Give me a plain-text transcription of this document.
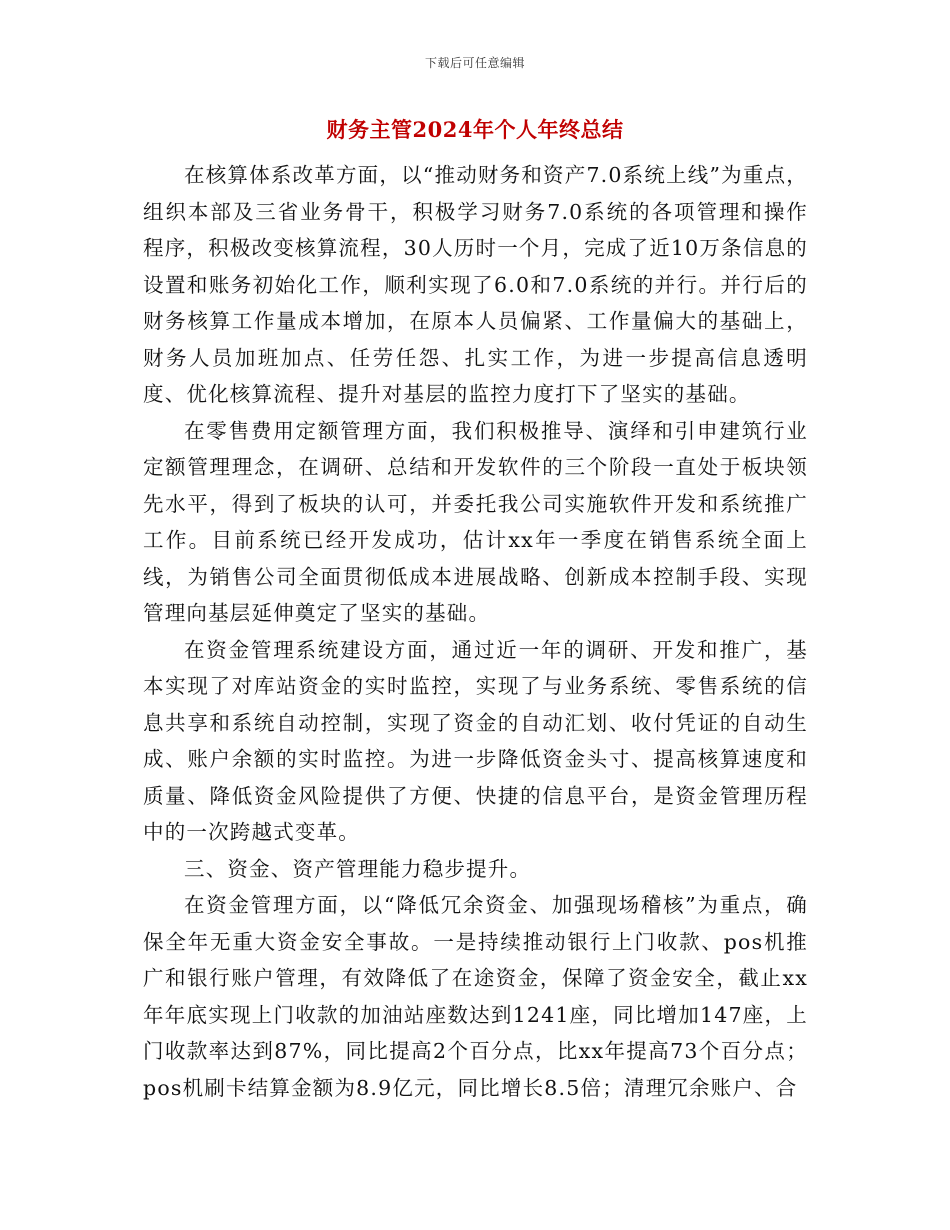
下载后可任意编辑
财务主管2024年个人年终总结

在核算体系改革方面，以“推动财务和资产7.0系统上线”为重点，组织本部及三省业务骨干，积极学习财务7.0系统的各项管理和操作程序，积极改变核算流程，30人历时一个月，完成了近10万条信息的设置和账务初始化工作，顺利实现了6.0和7.0系统的并行。并行后的财务核算工作量成本增加，在原本人员偏紧、工作量偏大的基础上，财务人员加班加点、任劳任怨、扎实工作，为进一步提高信息透明度、优化核算流程、提升对基层的监控力度打下了坚实的基础。

在零售费用定额管理方面，我们积极推导、演绎和引申建筑行业定额管理理念，在调研、总结和开发软件的三个阶段一直处于板块领先水平，得到了板块的认可，并委托我公司实施软件开发和系统推广工作。目前系统已经开发成功，估计xx年一季度在销售系统全面上线，为销售公司全面贯彻低成本进展战略、创新成本控制手段、实现管理向基层延伸奠定了坚实的基础。

在资金管理系统建设方面，通过近一年的调研、开发和推广，基本实现了对库站资金的实时监控，实现了与业务系统、零售系统的信息共享和系统自动控制，实现了资金的自动汇划、收付凭证的自动生成、账户余额的实时监控。为进一步降低资金头寸、提高核算速度和质量、降低资金风险提供了方便、快捷的信息平台，是资金管理历程中的一次跨越式变革。

三、资金、资产管理能力稳步提升。

在资金管理方面，以“降低冗余资金、加强现场稽核”为重点，确保全年无重大资金安全事故。一是持续推动银行上门收款、pos机推广和银行账户管理，有效降低了在途资金，保障了资金安全，截止xx年年底实现上门收款的加油站座数达到1241座，同比增加147座，上门收款率达到87%，同比提高2个百分点，比xx年提高73个百分点；pos机刷卡结算金额为8.9亿元，同比增长8.5倍；清理冗余账户、合
